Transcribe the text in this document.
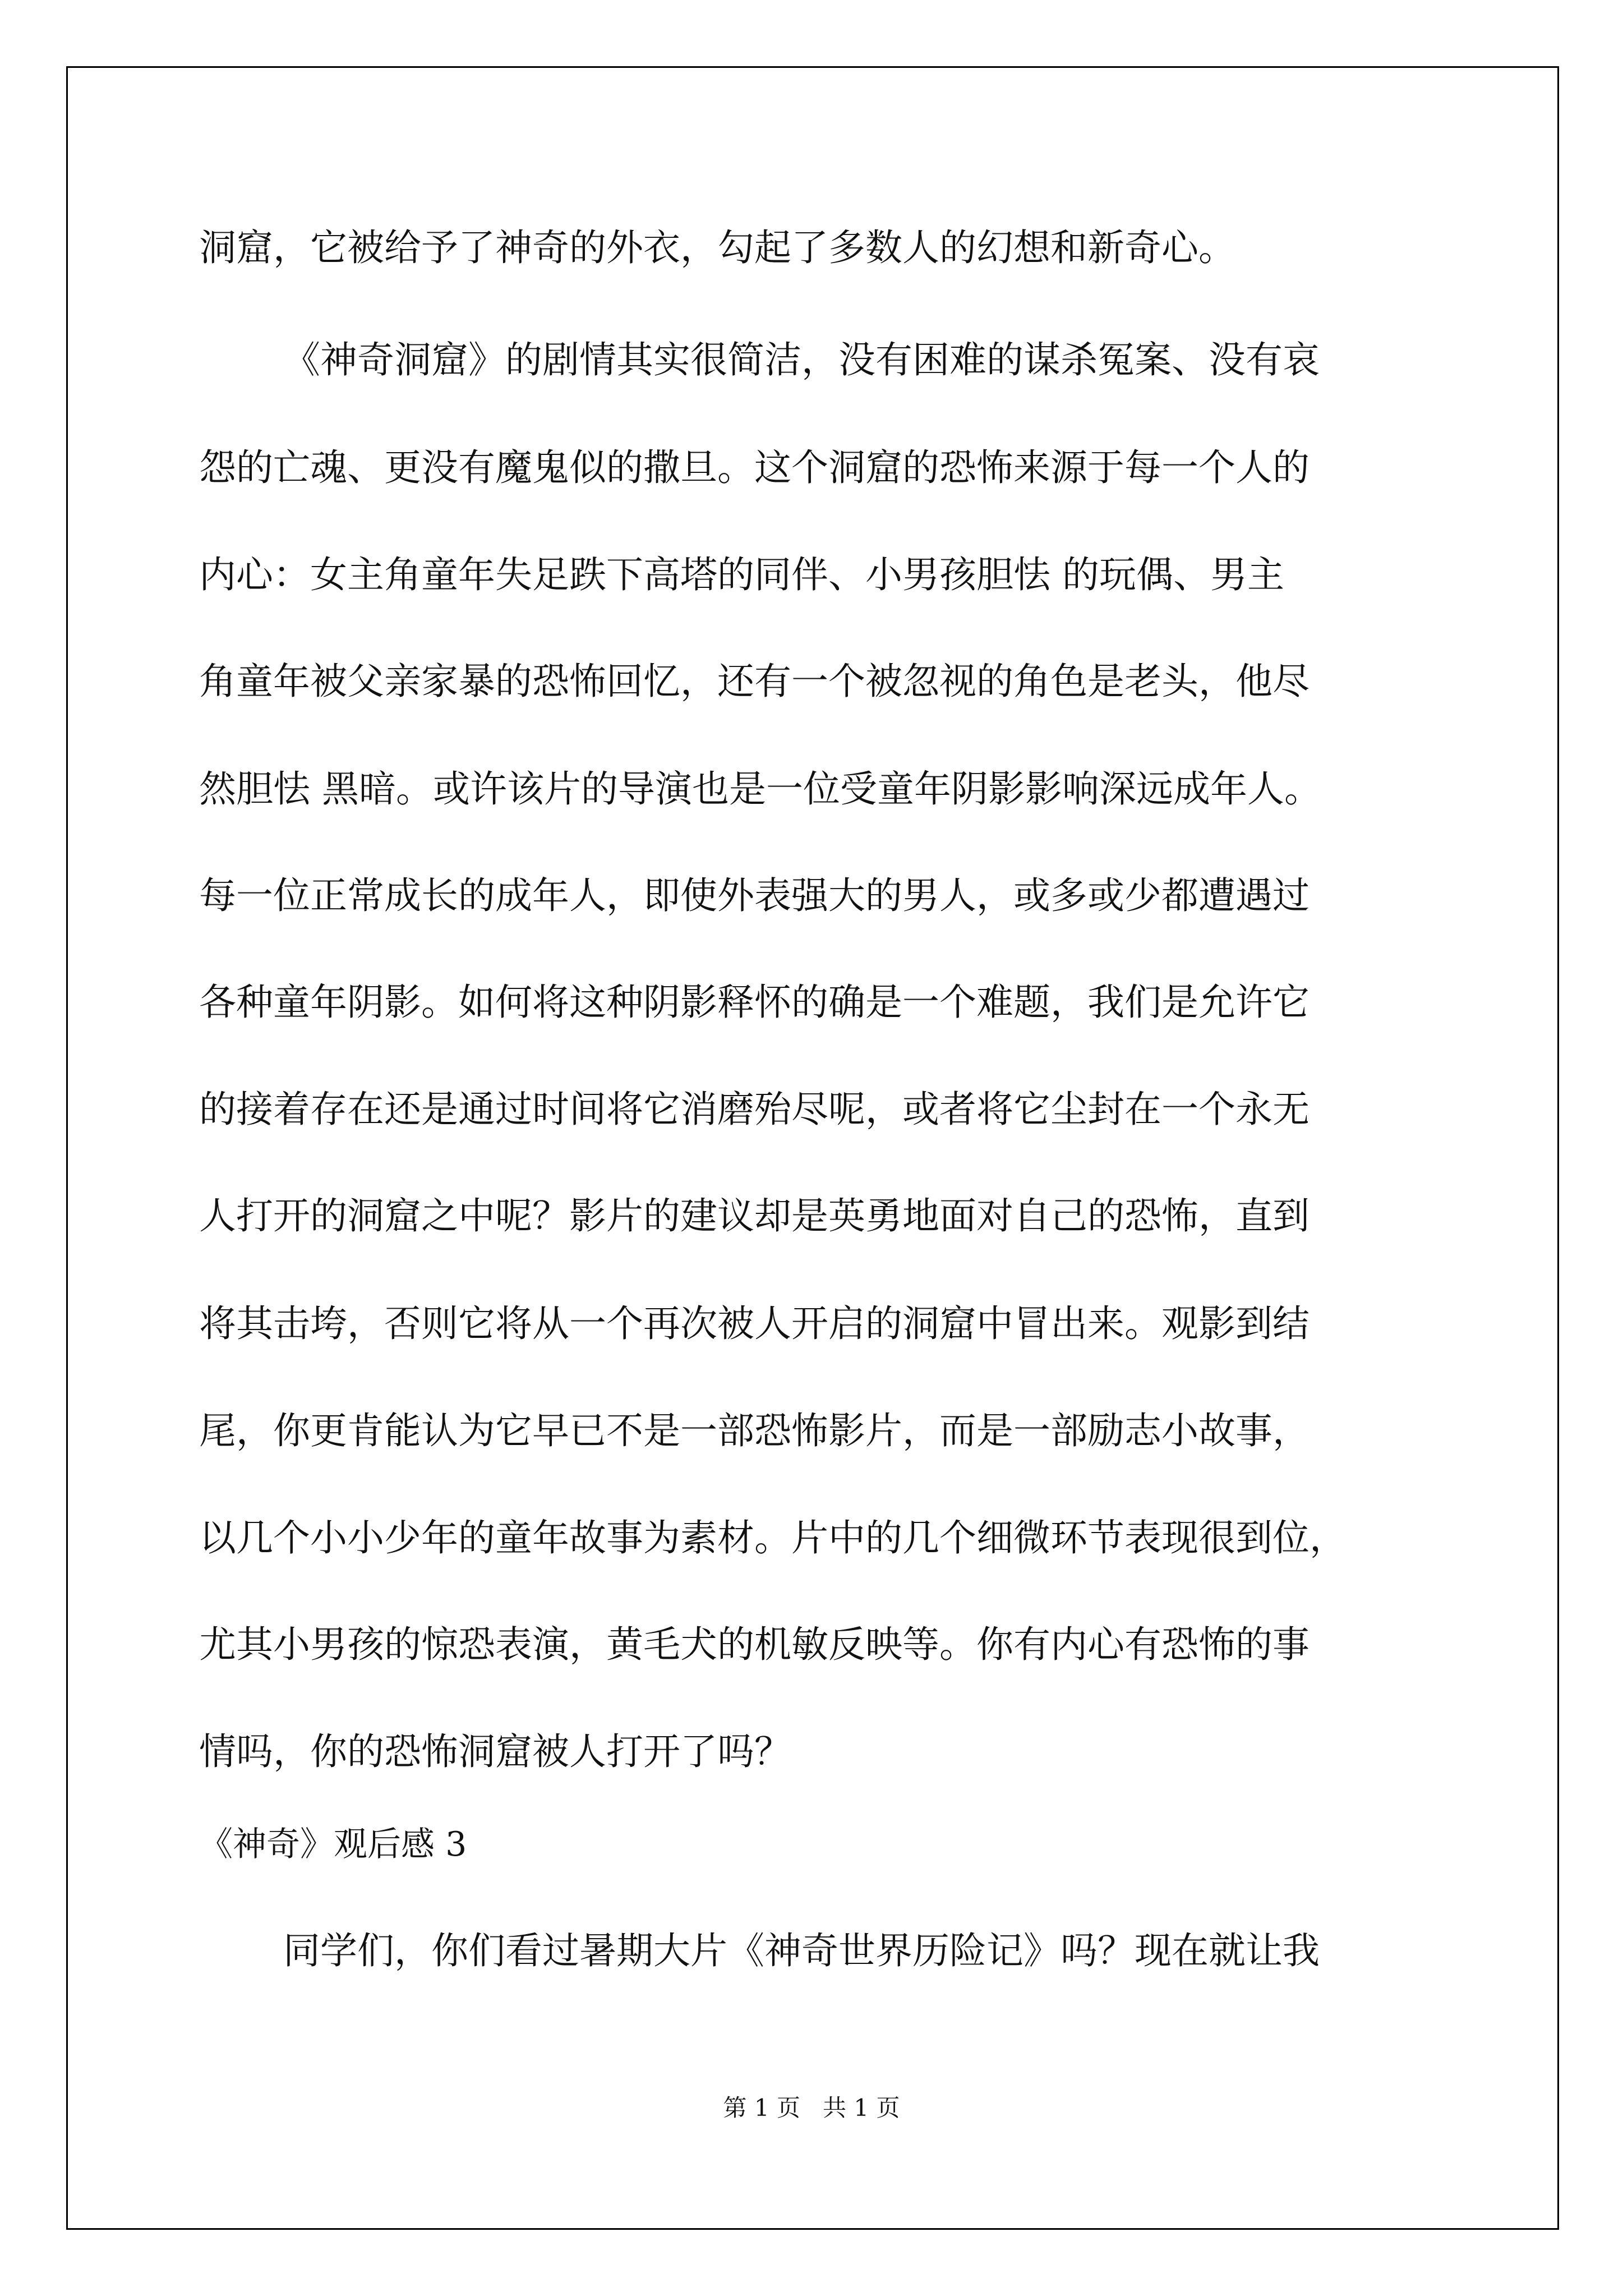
洞窟，它被给予了神奇的外衣，勾起了多数人的幻想和新奇心。

《神奇洞窟》的剧情其实很简洁，没有困难的谋杀冤案、没有哀

怨的亡魂、更没有魔鬼似的撒旦。这个洞窟的恐怖来源于每一个人的

内心：女主角童年失足跌下高塔的同伴、小男孩胆怯 的玩偶、男主

角童年被父亲家暴的恐怖回忆，还有一个被忽视的角色是老头，他尽

然胆怯 黑暗。或许该片的导演也是一位受童年阴影影响深远成年人。

每一位正常成长的成年人，即使外表强大的男人，或多或少都遭遇过

各种童年阴影。如何将这种阴影释怀的确是一个难题，我们是允许它

的接着存在还是通过时间将它消磨殆尽呢，或者将它尘封在一个永无

人打开的洞窟之中呢？影片的建议却是英勇地面对自己的恐怖，直到

将其击垮，否则它将从一个再次被人开启的洞窟中冒出来。观影到结

尾，你更肯能认为它早已不是一部恐怖影片，而是一部励志小故事，

以几个小小少年的童年故事为素材。片中的几个细微环节表现很到位，

尤其小男孩的惊恐表演，黄毛犬的机敏反映等。你有内心有恐怖的事

情吗，你的恐怖洞窟被人打开了吗？

《神奇》观后感 3

同学们，你们看过暑期大片《神奇世界历险记》吗？现在就让我

第 1 页   共 1 页
